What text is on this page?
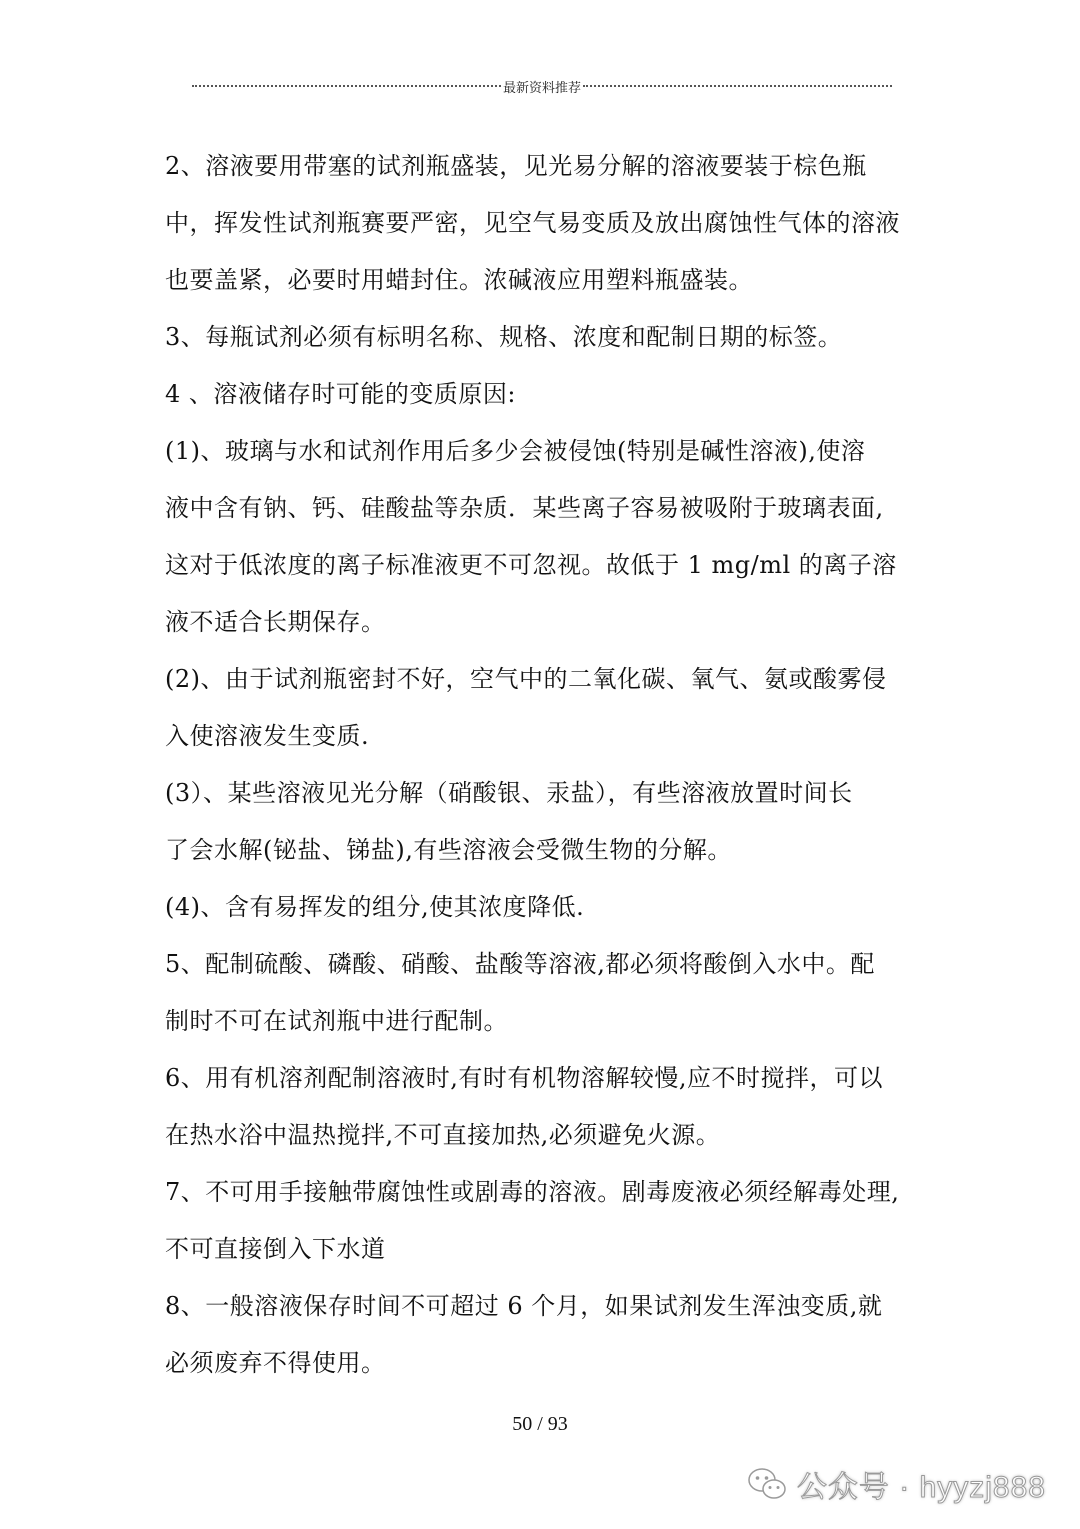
最新资料推荐

2、溶液要用带塞的试剂瓶盛装，见光易分解的溶液要装于棕色瓶

中，挥发性试剂瓶赛要严密，见空气易变质及放出腐蚀性气体的溶液

也要盖紧，必要时用蜡封住。浓碱液应用塑料瓶盛装。

3、每瓶试剂必须有标明名称、规格、浓度和配制日期的标签。

4 、溶液储存时可能的变质原因:

(1)、玻璃与水和试剂作用后多少会被侵蚀(特别是碱性溶液),使溶

液中含有钠、钙、硅酸盐等杂质．某些离子容易被吸附于玻璃表面,

这对于低浓度的离子标准液更不可忽视。故低于 1 mg/ml 的离子溶

液不适合长期保存。

(2)、由于试剂瓶密封不好，空气中的二氧化碳、氧气、氨或酸雾侵

入使溶液发生变质.

(3）、某些溶液见光分解（硝酸银、汞盐），有些溶液放置时间长

了会水解(铋盐、锑盐),有些溶液会受微生物的分解。

(4)、含有易挥发的组分,使其浓度降低.

5、配制硫酸、磷酸、硝酸、盐酸等溶液,都必须将酸倒入水中。配

制时不可在试剂瓶中进行配制。

6、用有机溶剂配制溶液时,有时有机物溶解较慢,应不时搅拌，可以

在热水浴中温热搅拌,不可直接加热,必须避免火源。

7、不可用手接触带腐蚀性或剧毒的溶液。剧毒废液必须经解毒处理,

不可直接倒入下水道

8、一般溶液保存时间不可超过 6 个月，如果试剂发生浑浊变质,就

必须废弃不得使用。

50 / 93
公众号 · hyyzj888
